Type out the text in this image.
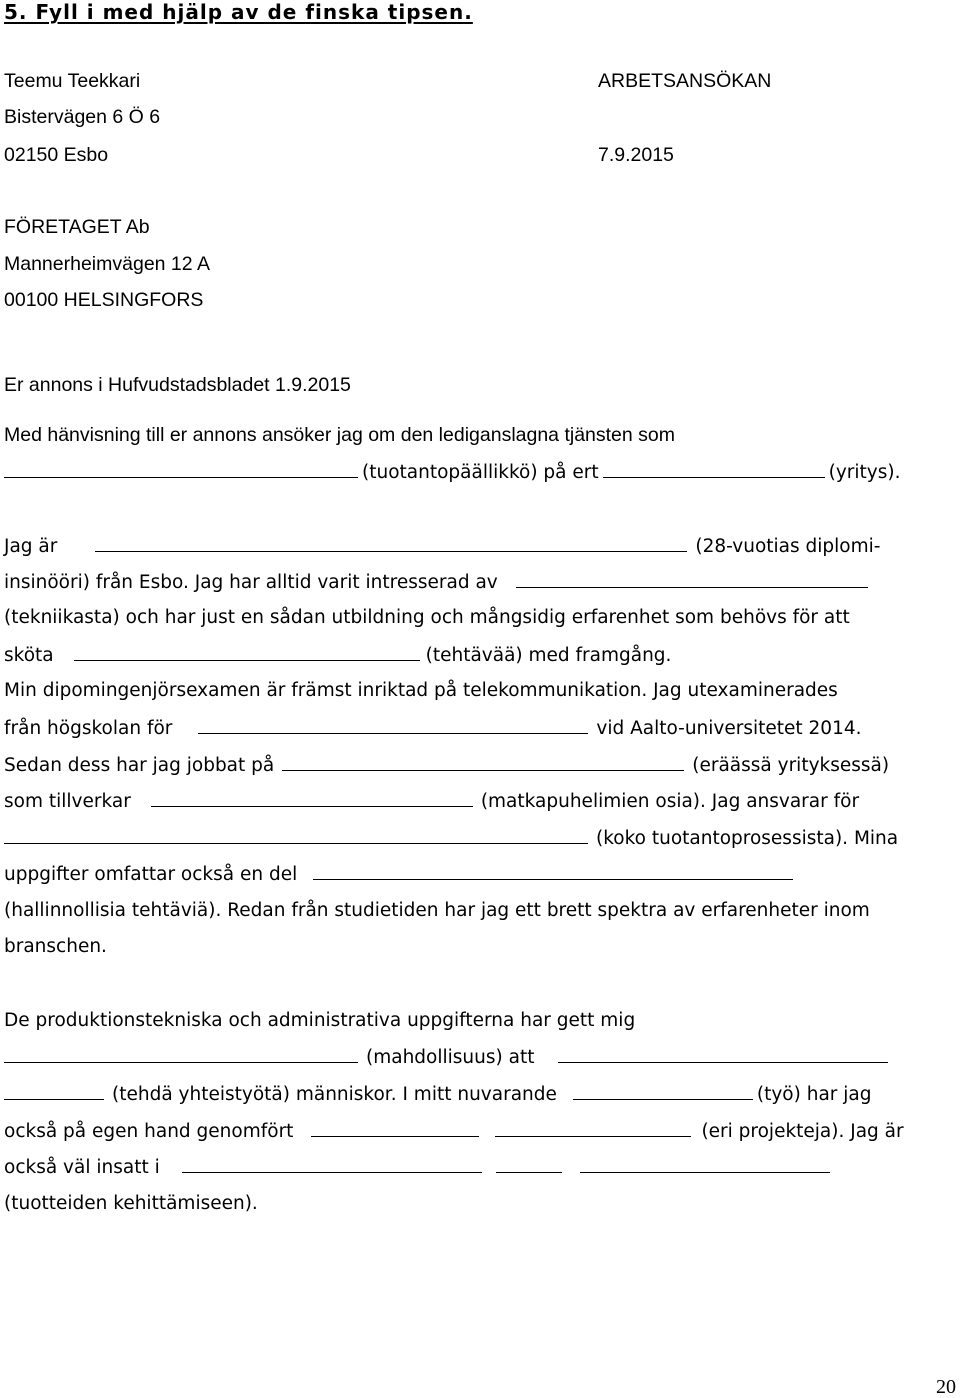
5. Fyll i med hjälp av de finska tipsen.
Teemu Teekkari	ARBETSANSÖKAN
Bistervägen 6 Ö 6
02150 Esbo	7.9.2015
FÖRETAGET Ab
Mannerheimvägen 12 A
00100 HELSINGFORS
Er annons i Hufvudstadsbladet 1.9.2015
Med hänvisning till er annons ansöker jag om den lediganslagna tjänsten som
(tuotantopäällikkö) på ert	(yritys).
Jag är	(28-vuotias diplomi-
insinööri) från Esbo. Jag har alltid varit intresserad av
(tekniikasta) och har just en sådan utbildning och mångsidig erfarenhet som behövs för att
sköta	(tehtävää) med framgång.
Min dipomingenjörsexamen är främst inriktad på telekommunikation. Jag utexaminerades
från högskolan för	vid Aalto-universitetet 2014.
Sedan dess har jag jobbat på	(eräässä yrityksessä)
som tillverkar	(matkapuhelimien osia). Jag ansvarar för
(koko tuotantoprosessista). Mina
uppgifter omfattar också en del
(hallinnollisia tehtäviä). Redan från studietiden har jag ett brett spektra av erfarenheter inom
branschen.
De produktionstekniska och administrativa uppgifterna har gett mig
(mahdollisuus) att
(tehdä yhteistyötä) människor. I mitt nuvarande	(työ) har jag
också på egen hand genomfört	(eri projekteja). Jag är
också väl insatt i
(tuotteiden kehittämiseen).
20
